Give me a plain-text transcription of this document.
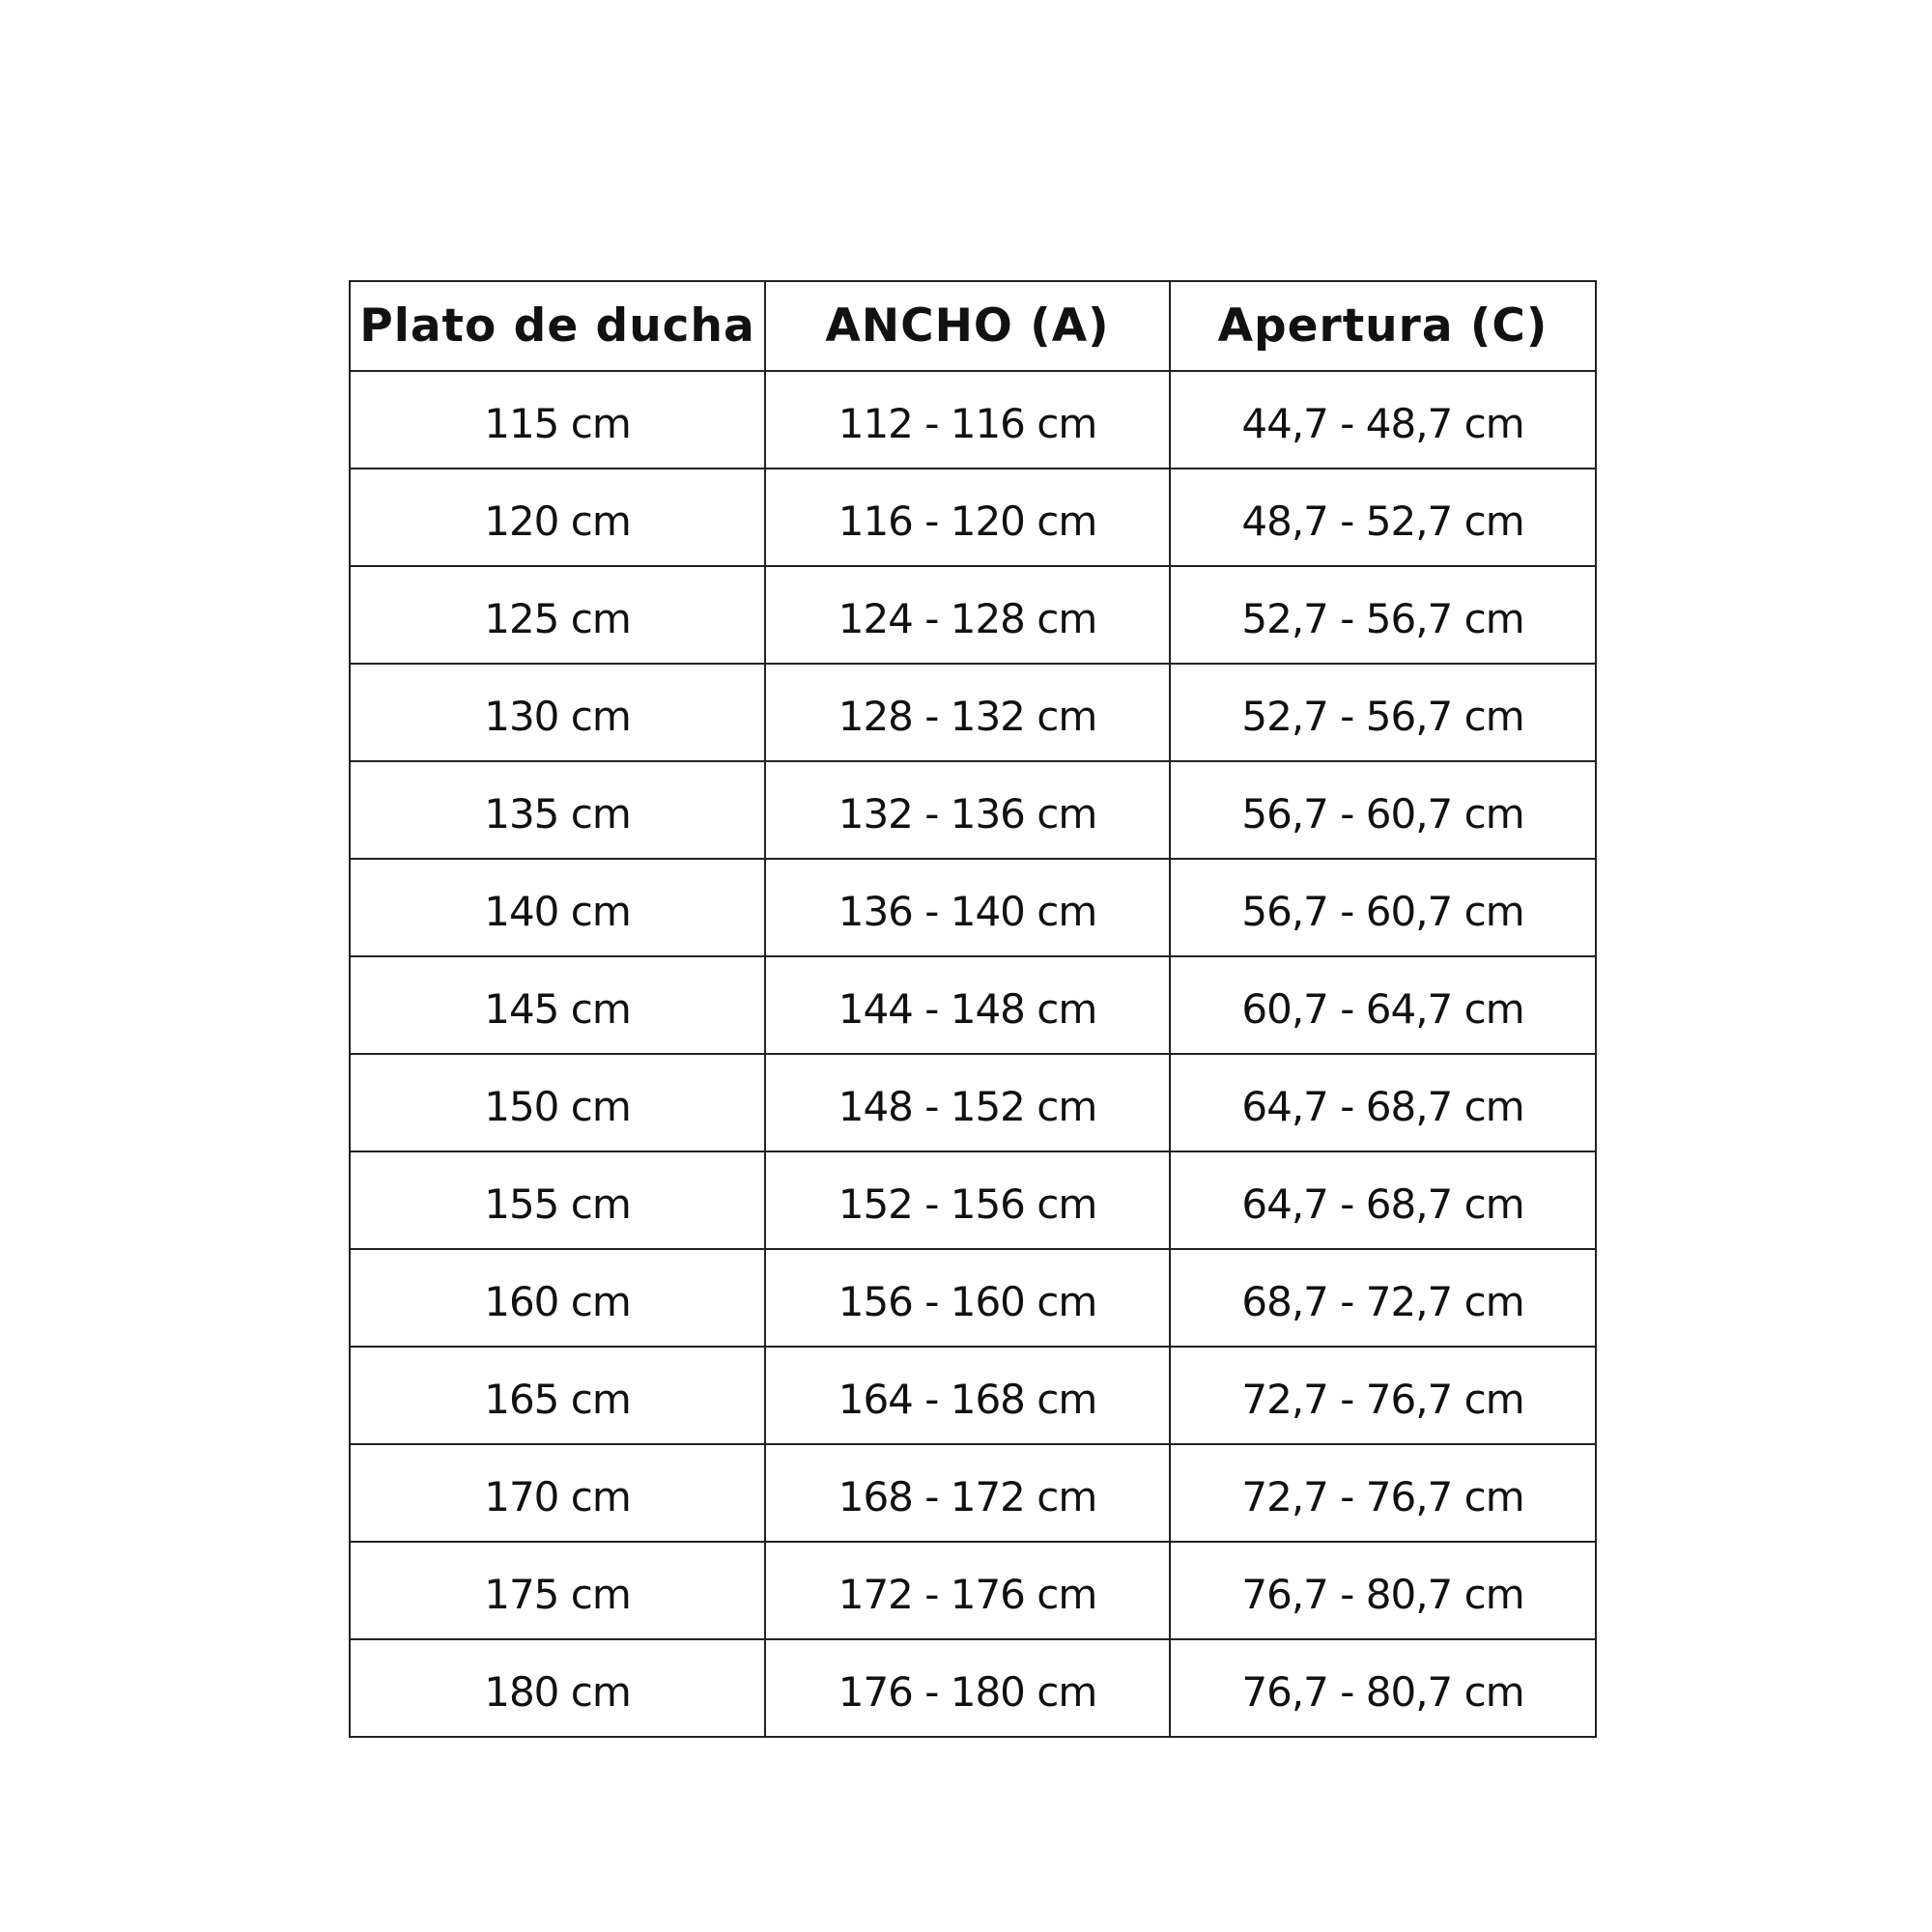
Plato de ducha	ANCHO (A)	Apertura (C)
115 cm	112 - 116 cm	44,7 - 48,7 cm
120 cm	116 - 120 cm	48,7 - 52,7 cm
125 cm	124 - 128 cm	52,7 - 56,7 cm
130 cm	128 - 132 cm	52,7 - 56,7 cm
135 cm	132 - 136 cm	56,7 - 60,7 cm
140 cm	136 - 140 cm	56,7 - 60,7 cm
145 cm	144 - 148 cm	60,7 - 64,7 cm
150 cm	148 - 152 cm	64,7 - 68,7 cm
155 cm	152 - 156 cm	64,7 - 68,7 cm
160 cm	156 - 160 cm	68,7 - 72,7 cm
165 cm	164 - 168 cm	72,7 - 76,7 cm
170 cm	168 - 172 cm	72,7 - 76,7 cm
175 cm	172 - 176 cm	76,7 - 80,7 cm
180 cm	176 - 180 cm	76,7 - 80,7 cm
